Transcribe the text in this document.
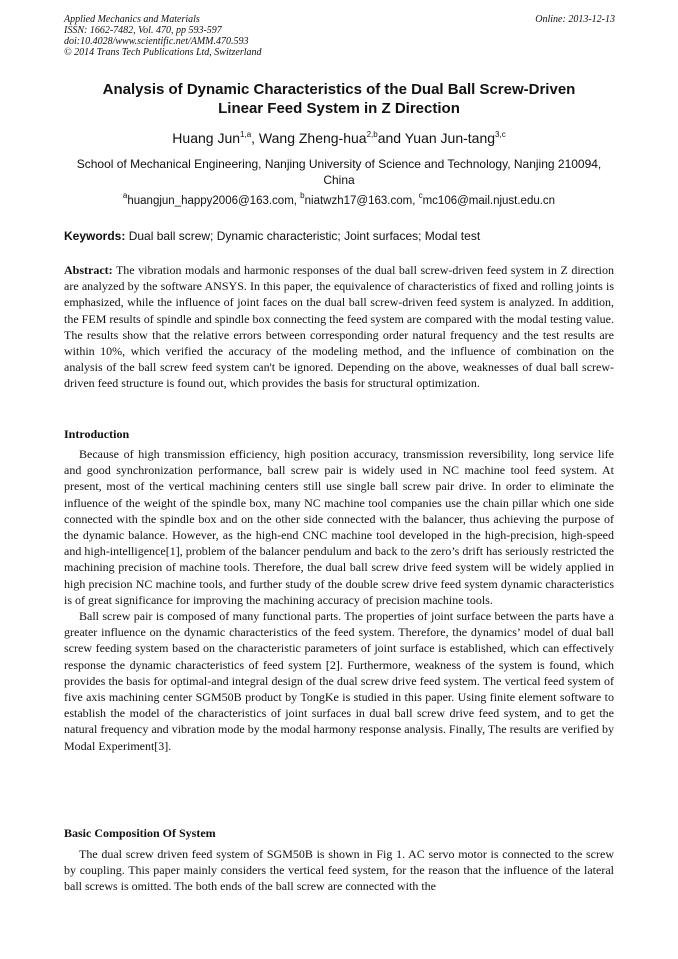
Applied Mechanics and Materials
ISSN: 1662-7482, Vol. 470, pp 593-597
doi:10.4028/www.scientific.net/AMM.470.593
© 2014 Trans Tech Publications Ltd, Switzerland
Online: 2013-12-13
Analysis of Dynamic Characteristics of the Dual Ball Screw-Driven
Linear Feed System in Z Direction
Huang Jun$^{1,a}$, Wang Zheng-hua$^{2,b}$and Yuan Jun-tang$^{3,c}$
School of Mechanical Engineering, Nanjing University of Science and Technology, Nanjing 210094,
China
$^a$huangjun_happy2006@163.com, $^b$niatwzh17@163.com, $^c$mc106@mail.njust.edu.cn
Keywords: Dual ball screw; Dynamic characteristic; Joint surfaces; Modal test

Abstract: The vibration modals and harmonic responses of the dual ball screw-driven feed system in Z direction are analyzed by the software ANSYS. In this paper, the equivalence of characteristics of fixed and rolling joints is emphasized, while the influence of joint faces on the dual ball screw-driven feed system is analyzed. In addition, the FEM results of spindle and spindle box connecting the feed system are compared with the modal testing value. The results show that the relative errors between corresponding order natural frequency and the test results are within 10%, which verified the accuracy of the modeling method, and the influence of combination on the analysis of the ball screw feed system can't be ignored. Depending on the above, weaknesses of dual ball screw-driven feed structure is found out, which provides the basis for structural optimization.

Introduction

Because of high transmission efficiency, high position accuracy, transmission reversibility, long service life and good synchronization performance, ball screw pair is widely used in NC machine tool feed system. At present, most of the vertical machining centers still use single ball screw pair drive. In order to eliminate the influence of the weight of the spindle box, many NC machine tool companies use the chain pillar which one side connected with the spindle box and on the other side connected with the balancer, thus achieving the purpose of the dynamic balance. However, as the high-end CNC machine tool developed in the high-precision, high-speed and high-intelligence[1], problem of the balancer pendulum and back to the zero’s drift has seriously restricted the machining precision of machine tools. Therefore, the dual ball screw drive feed system will be widely applied in high precision NC machine tools, and further study of the double screw drive feed system dynamic characteristics is of great significance for improving the machining accuracy of precision machine tools.

Ball screw pair is composed of many functional parts. The properties of joint surface between the parts have a greater influence on the dynamic characteristics of the feed system. Therefore, the dynamics’ model of dual ball screw feeding system based on the characteristic parameters of joint surface is established, which can effectively response the dynamic characteristics of feed system [2]. Furthermore, weakness of the system is found, which provides the basis for optimal-and integral design of the dual screw drive feed system. The vertical feed system of five axis machining center SGM50B product by TongKe is studied in this paper. Using finite element software to establish the model of the characteristics of joint surfaces in dual ball screw drive feed system, and to get the natural frequency and vibration mode by the modal harmony response analysis. Finally, The results are verified by Modal Experiment[3].

Basic Composition Of System

The dual screw driven feed system of SGM50B is shown in Fig 1. AC servo motor is connected to the screw by coupling. This paper mainly considers the vertical feed system, for the reason that the influence of the lateral ball screws is omitted. The both ends of the ball screw are connected with the
